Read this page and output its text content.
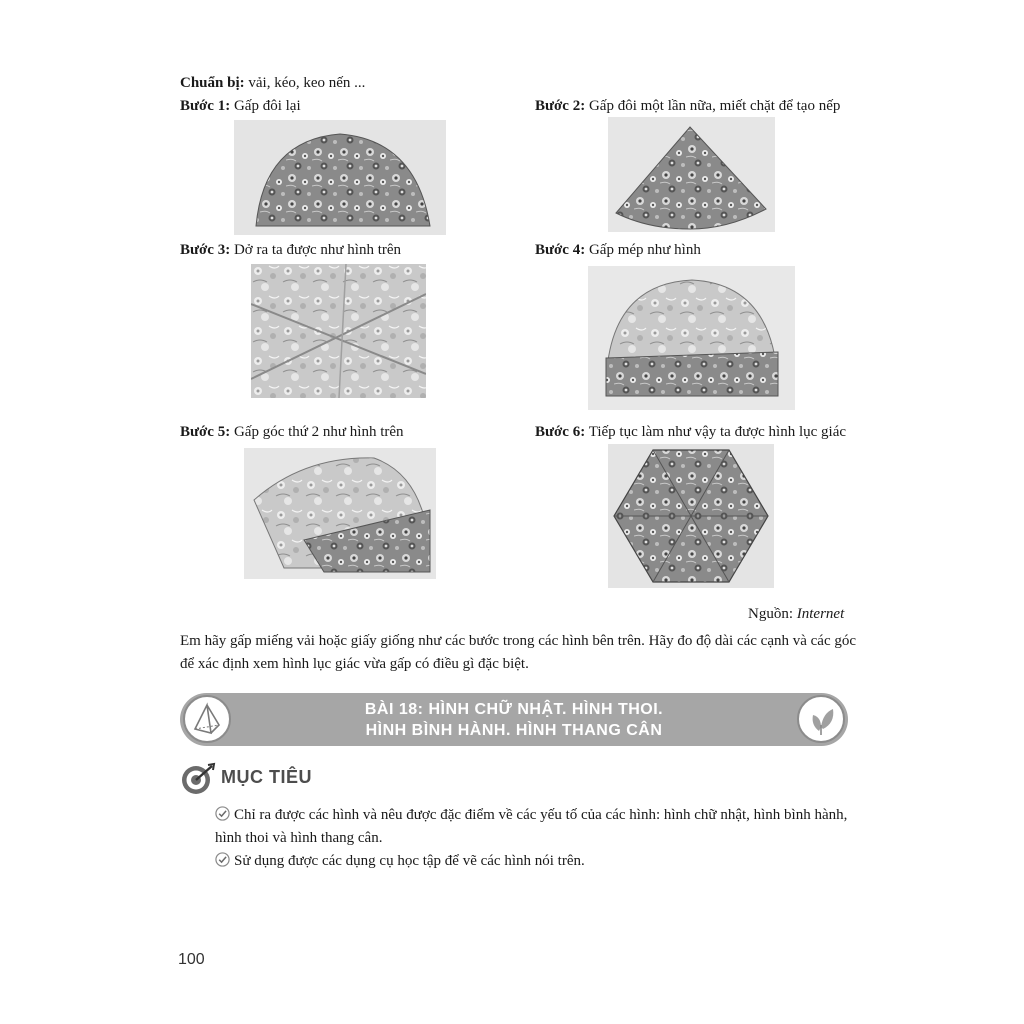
Chuẩn bị: vải, kéo, keo nến ...
Bước 1: Gấp đôi lại	Bước 2: Gấp đôi một lần nữa, miết chặt để tạo nếp
Bước 3: Dở ra ta được như hình trên	Bước 4: Gấp mép như hình
Bước 5: Gấp góc thứ 2 như hình trên	Bước 6: Tiếp tục làm như vậy ta được hình lục giác
Nguồn: Internet
Em hãy gấp miếng vải hoặc giấy giống như các bước trong các hình bên trên. Hãy đo độ dài các cạnh và các góc để xác định xem hình lục giác vừa gấp có điều gì đặc biệt.
BÀI 18: HÌNH CHỮ NHẬT. HÌNH THOI.
HÌNH BÌNH HÀNH. HÌNH THANG CÂN
MỤC TIÊU
Chỉ ra được các hình và nêu được đặc điểm về các yếu tố của các hình: hình chữ nhật, hình bình hành, hình thoi và hình thang cân.
Sử dụng được các dụng cụ học tập để vẽ các hình nói trên.
100
